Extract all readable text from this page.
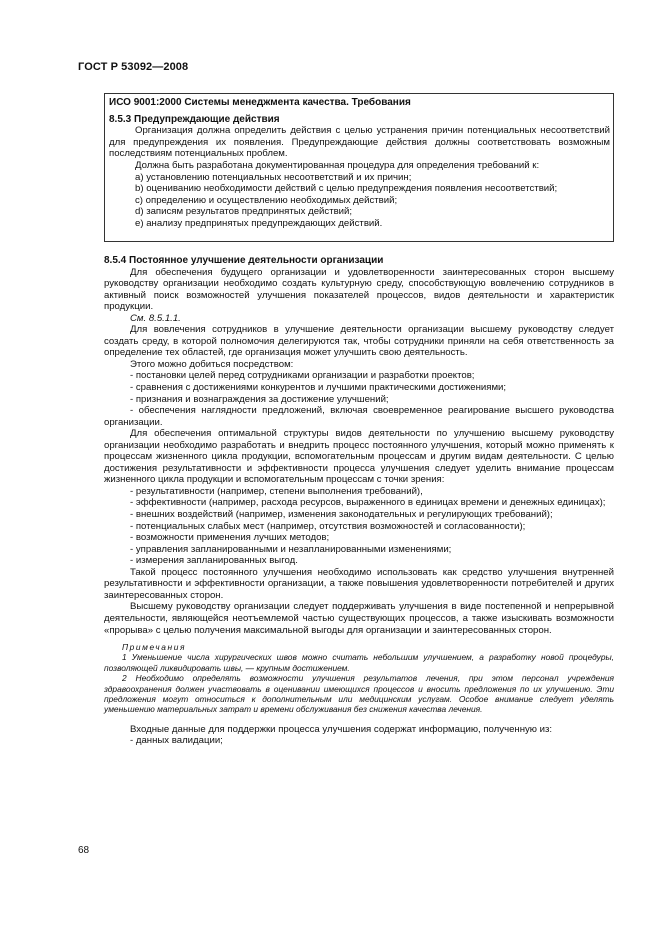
ГОСТ Р 53092—2008
ИСО 9001:2000 Системы менеджмента качества. Требования
8.5.3 Предупреждающие действия
Организация должна определить действия с целью устранения причин потенциальных несоответствий для предупреждения их появления. Предупреждающие действия должны соответствовать возможным последствиям потенциальных проблем.
Должна быть разработана документированная процедура для определения требований к:
а) установлению потенциальных несоответствий и их причин;
b) оцениванию необходимости действий с целью предупреждения появления несоответствий;
c) определению и осуществлению необходимых действий;
d) записям результатов предпринятых действий;
e) анализу предпринятых предупреждающих действий.

8.5.4 Постоянное улучшение деятельности организации

Для обеспечения будущего организации и удовлетворенности заинтересованных сторон высшему руководству организации необходимо создать культурную среду, способствующую вовлечению сотрудников в активный поиск возможностей улучшения показателей процессов, видов деятельности и характеристик продукции.

См. 8.5.1.1.

Для вовлечения сотрудников в улучшение деятельности организации высшему руководству следует создать среду, в которой полномочия делегируются так, чтобы сотрудники приняли на себя ответственность за определение тех областей, где организация может улучшить свою деятельность.

Этого можно добиться посредством:

- постановки целей перед сотрудниками организации и разработки проектов;

- сравнения с достижениями конкурентов и лучшими практическими достижениями;

- признания и вознаграждения за достижение улучшений;

- обеспечения наглядности предложений, включая своевременное реагирование высшего руководства организации.

Для обеспечения оптимальной структуры видов деятельности по улучшению высшему руководству организации необходимо разработать и внедрить процесс постоянного улучшения, который можно применять к процессам жизненного цикла продукции, вспомогательным процессам и другим видам деятельности. С целью достижения результативности и эффективности процесса улучшения следует уделить внимание процессам жизненного цикла продукции и вспомогательным процессам с точки зрения:

- результативности (например, степени выполнения требований),

- эффективности (например, расхода ресурсов, выраженного в единицах времени и денежных единицах);

- внешних воздействий (например, изменения законодательных и регулирующих требований);

- потенциальных слабых мест (например, отсутствия возможностей и согласованности);

- возможности применения лучших методов;

- управления запланированными и незапланированными изменениями;

- измерения запланированных выгод.

Такой процесс постоянного улучшения необходимо использовать как средство улучшения внутренней результативности и эффективности организации, а также повышения удовлетворенности потребителей и других заинтересованных сторон.

Высшему руководству организации следует поддерживать улучшения в виде постепенной и непрерывной деятельности, являющейся неотъемлемой частью существующих процессов, а также изыскивать возможности «прорыва» с целью получения максимальной выгоды для организации и заинтересованных сторон.

Примечания

1 Уменьшение числа хирургических швов можно считать небольшим улучшением, а разработку новой процедуры, позволяющей ликвидировать швы, — крупным достижением.

2 Необходимо определять возможности улучшения результатов лечения, при этом персонал учреждения здравоохранения должен участвовать в оценивании имеющихся процессов и вносить предложения по их улучшению. Эти предложения могут относиться к дополнительным или медицинским услугам. Особое внимание следует уделять уменьшению материальных затрат и времени обслуживания без снижения качества лечения.

Входные данные для поддержки процесса улучшения содержат информацию, полученную из:

- данных валидации;

68
